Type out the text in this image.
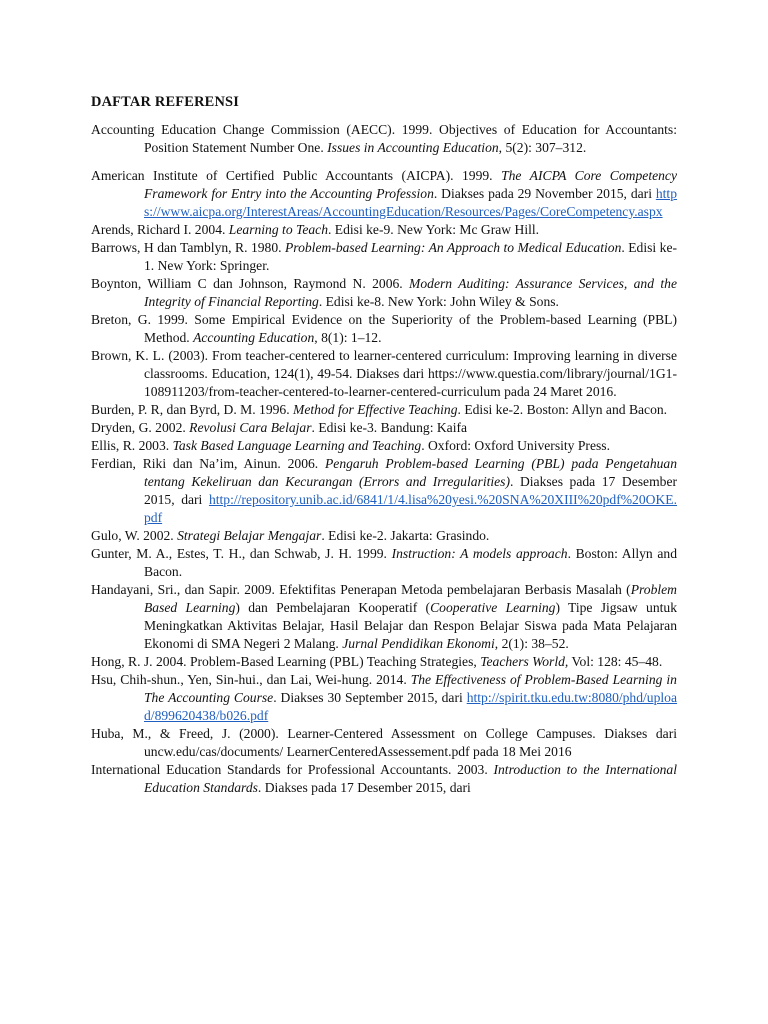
DAFTAR REFERENSI

Accounting Education Change Commission (AECC). 1999. Objectives of Education for Accountants: Position Statement Number One. Issues in Accounting Education, 5(2): 307–312.

American Institute of Certified Public Accountants (AICPA). 1999. The AICPA Core Competency Framework for Entry into the Accounting Profession. Diakses pada 29 November 2015, dari https://www.aicpa.org/InterestAreas/AccountingEducation/Resources/Pages/CoreCompetency.aspx

Arends, Richard I. 2004. Learning to Teach. Edisi ke-9. New York: Mc Graw Hill.

Barrows, H dan Tamblyn, R. 1980. Problem-based Learning: An Approach to Medical Education. Edisi ke-1. New York: Springer.

Boynton, William C dan Johnson, Raymond N. 2006. Modern Auditing: Assurance Services, and the Integrity of Financial Reporting. Edisi ke-8. New York: John Wiley & Sons.

Breton, G. 1999. Some Empirical Evidence on the Superiority of the Problem-based Learning (PBL) Method. Accounting Education, 8(1): 1–12.

Brown, K. L. (2003). From teacher-centered to learner-centered curriculum: Improving learning in diverse classrooms. Education, 124(1), 49-54. Diakses dari https://www.questia.com/library/journal/1G1-108911203/from-teacher-centered-to-learner-centered-curriculum pada 24 Maret 2016.

Burden, P. R, dan Byrd, D. M. 1996. Method for Effective Teaching. Edisi ke-2. Boston: Allyn and Bacon.

Dryden, G. 2002. Revolusi Cara Belajar. Edisi ke-3. Bandung: Kaifa

Ellis, R. 2003. Task Based Language Learning and Teaching. Oxford: Oxford University Press.

Ferdian, Riki dan Na’im, Ainun. 2006. Pengaruh Problem-based Learning (PBL) pada Pengetahuan tentang Kekeliruan dan Kecurangan (Errors and Irregularities). Diakses pada 17 Desember 2015, dari http://repository.unib.ac.id/6841/1/4.lisa%20yesi.%20SNA%20XIII%20pdf%20OKE.pdf

Gulo, W. 2002. Strategi Belajar Mengajar. Edisi ke-2. Jakarta: Grasindo.

Gunter, M. A., Estes, T. H., dan Schwab, J. H. 1999. Instruction: A models approach. Boston: Allyn and Bacon.

Handayani, Sri., dan Sapir. 2009. Efektifitas Penerapan Metoda pembelajaran Berbasis Masalah (Problem Based Learning) dan Pembelajaran Kooperatif (Cooperative Learning) Tipe Jigsaw untuk Meningkatkan Aktivitas Belajar, Hasil Belajar dan Respon Belajar Siswa pada Mata Pelajaran Ekonomi di SMA Negeri 2 Malang. Jurnal Pendidikan Ekonomi, 2(1): 38–52.

Hong, R. J. 2004. Problem-Based Learning (PBL) Teaching Strategies, Teachers World, Vol: 128: 45–48.

Hsu, Chih-shun., Yen, Sin-hui., dan Lai, Wei-hung. 2014. The Effectiveness of Problem-Based Learning in The Accounting Course. Diakses 30 September 2015, dari http://spirit.tku.edu.tw:8080/phd/upload/899620438/b026.pdf

Huba, M., & Freed, J. (2000). Learner-Centered Assessment on College Campuses. Diakses dari uncw.edu/cas/documents/ LearnerCenteredAssessement.pdf pada 18 Mei 2016

International Education Standards for Professional Accountants. 2003. Introduction to the International Education Standards. Diakses pada 17 Desember 2015, dari
